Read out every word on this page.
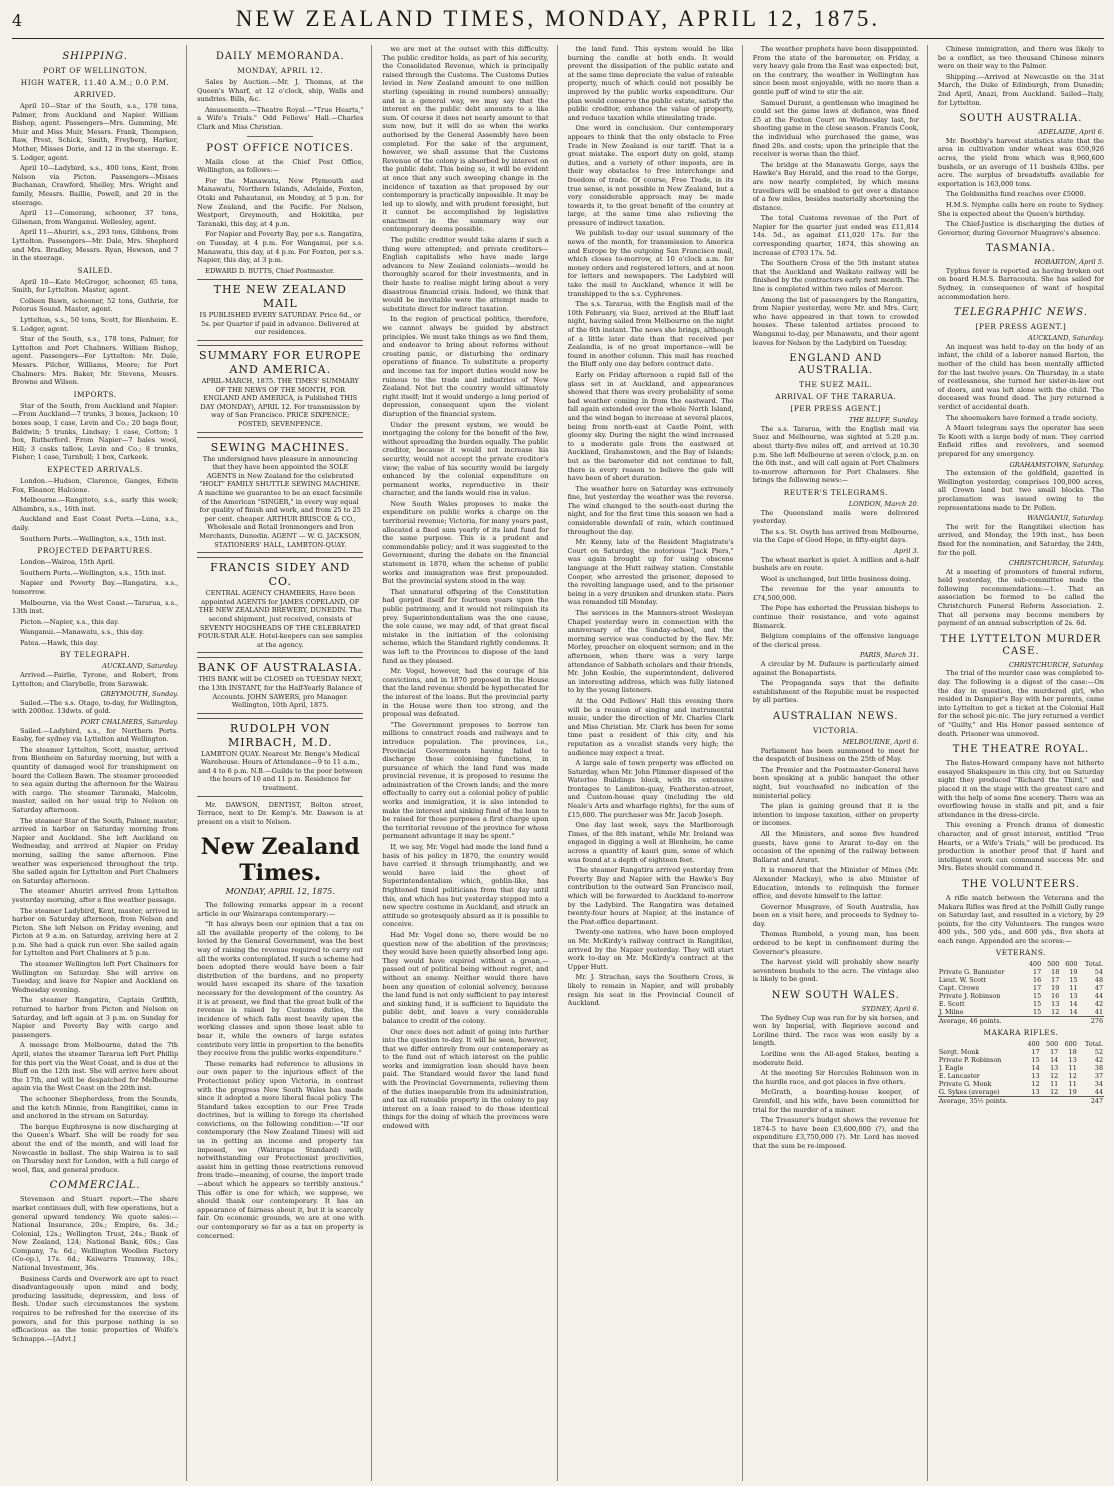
4	NEW ZEALAND TIMES, MONDAY, APRIL 12, 1875.
SHIPPING.
PORT OF WELLINGTON.
HIGH WATER, 11.40 A.M.; 0.0 P.M.
ARRIVED.

April 10—Star of the South, s.s., 178 tons, Palmer, from Auckland and Napier. William Bishop, agent. Passengers—Mrs. Gumming, Mr. Muir and Miss Muir, Messrs. Frank, Thompson, Raw, Prest, Schick, Smith, Freyberg, Harker, Mother, Misses Dorie, and 12 in the steerage. E. S. Lodger, agent.

April 10—Ladybird, s.s., 400 tons, Kent, from Nelson via Picton. Passengers—Misses Buchanan, Crawford, Shelley, Mrs. Wright and family, Messrs. Baillie, Powell, and 20 in the steerage.

April 11—Comerang, schooner, 37 tons, Gilsenan, from Wanganui. Wellesley, agent.

April 11—Ahuriri, s.s., 293 tons, Gibbons, from Lyttelton. Passengers—Mr. Dale, Mrs. Shepherd and Mrs. Bradley, Messrs. Ryan, Hewson, and 7 in the steerage.

SAILED.

April 10—Kate McGregor, schooner, 65 tons, Smith, for Lyttelton. Master, agent.

Colleen Bawn, schooner, 52 tons, Guthrie, for Pelorus Sound. Master, agent.

Lyttelton, s.s., 50 tons, Scott, for Blenheim. E. S. Lodger, agent.

Star of the South, s.s., 178 tons, Palmer, for Lyttelton and Port Chalmers. William Bishop, agent. Passengers—For Lyttelton: Mr. Dale, Messrs. Pilcher, Williams, Moore; for Port Chalmers: Mrs. Baker, Mr. Stevens, Messrs. Browne and Wilson.

IMPORTS.

Star of the South, from Auckland and Napier:—From Auckland—7 trunks, 3 boxes, Jackson; 10 boxes soap, 1 case, Levin and Co.; 20 bags flour, Baldwin; 5 trunks, Lindsay; 1 case, Cotton; 1 box, Rutherford. From Napier—7 bales wool, Hill; 3 casks tallow, Levin and Co.; 8 trunks, Fisher; 1 case, Turnbull; 1 box, Carkeek.

EXPECTED ARRIVALS.

London.—Hudson, Clarence, Ganges, Edwin Fox, Eleanor, Halcione.

Melbourne.—Rangitoto, s.s., early this week; Alhambra, s.s., 16th inst.

Auckland and East Coast Ports.—Luna, s.s., daily.

Southern Ports.—Wellington, s.s., 15th inst.

PROJECTED DEPARTURES.

London—Wairoa, 15th April.

Southern Ports.—Wellington, s.s., 15th inst.

Napier and Poverty Bay.—Rangatira, s.s., tomorrow.

Melbourne, via the West Coast.—Tararua, s.s., 13th inst.

Picton.—Napier, s.s., this day.

Wanganui.—Manawatu, s.s., this day.

Patea.—Hawk, this day.

BY TELEGRAPH.
AUCKLAND, Saturday.

Arrived.—Fairlie, Tyrone, and Robert, from Lyttelton; and Clarybelle, from Sarawak.

GREYMOUTH, Sunday.

Sailed.—The s.s. Otago, to-day, for Wellington, with 2000oz. 13dwts. of gold.

PORT CHALMERS, Saturday.

Sailed.—Ladybird, s.s., for Northern Ports. Easby, for sydney via Lyttelton and Wellington.

The steamer Lyttelton, Scott, master, arrived from Blenheim on Saturday morning, but with a quantity of damaged wool for transhipment on board the Colleen Bawn. The steamer proceeded to sea again during the afternoon for the Wairau with cargo. The steamer Taranaki, Malcolm, master, sailed on her usual trip to Nelson on Saturday afternoon.

The steamer Star of the South, Palmer, master, arrived in harbor on Saturday morning from Napier and Auckland. She left Auckland on Wednesday, and arrived at Napier on Friday morning, sailing the same afternoon. Fine weather was experienced throughout the trip. She sailed again for Lyttelton and Port Chalmers on Saturday afternoon.

The steamer Ahuriri arrived from Lyttelton yesterday morning, after a fine weather passage.

The steamer Ladybird, Kent, master, arrived in harbor on Saturday afternoon, from Nelson and Picton. She left Nelson on Friday evening, and Picton at 9 a.m. on Saturday, arriving here at 2 p.m. She had a quick run over. She sailed again for Lyttelton and Port Chalmers at 5 p.m.

The steamer Wellington left Port Chalmers for Wellington on Saturday. She will arrive on Tuesday, and leave for Napier and Auckland on Wednesday evening.

The steamer Rangatira, Captain Griffith, returned to harbor from Picton and Nelson on Saturday, and left again at 3 p.m. on Sunday for Napier and Poverty Bay with cargo and passengers.

A message from Melbourne, dated the 7th April, states the steamer Tararua left Port Phillip for this port via the West Coast, and is due at the Bluff on the 12th inst. She will arrive here about the 17th, and will be despatched for Melbourne again via the West Coast on the 20th inst.

The schooner Shepherdess, from the Sounds, and the ketch Minnie, from Rangitikei, came in and anchored in the stream on Saturday.

The barque Euphrosyne is now discharging at the Queen's Wharf. She will be ready for sea about the end of the month, and will load for Newcastle in ballast. The ship Wairoa is to sail on Thursday next for London, with a full cargo of wool, flax, and general produce.

COMMERCIAL.

Stevenson and Stuart report:—The share market continues dull, with few operations, but a general upward tendency. We quote sales:—National Insurance, 20s.; Empire, 6s. 3d.; Colonial, 12s.; Wellington Trust, 24s.; Bank of New Zealand, 124; National Bank, 60s.; Gas Company, 7s. 6d.; Wellington Woollen Factory (Co-op.), 17s. 6d.; Kaiwarra Tramway, 10s.; National Investment, 36s.

Business Cards and Overwork are apt to react disadvantageously upon mind and body, producing lassitude, depression, and loss of flesh. Under such circumstances the system requires to be refreshed for the exercise of its powers, and for this purpose nothing is so efficacious as the tonic properties of Wolfe's Schnapps.—[Advt.]

DAILY MEMORANDA.
MONDAY, APRIL 12.

Sales by Auction.—Mr. J. Thomas, at the Queen's Wharf, at 12 o'clock, ship, Walls and sundries. Bills, &c.

Amusements.—Theatre Royal.—"True Hearts," a Wife's Trials." Odd Fellows' Hall.—Charles Clark and Miss Christian.

POST OFFICE NOTICES.

Mails close at the Chief Post Office, Wellington, as follows:—

For the Manawatu, New Plymouth and Manawatu, Northern Islands, Adelaide, Foxton, Otaki and Pahautanui, on Monday, at 5 p.m. for New Zealand, and the Pacific. For Nelson, Westport, Greymouth, and Hokitika, per Taranaki, this day, at 4 p.m.

For Napier and Poverty Bay, per s.s. Rangatira, on Tuesday, at 4 p.m. For Wanganui, per s.s. Manawatu, this day, at 4 p.m. For Foxton, per s.s. Napier, this day, at 3 p.m.

EDWARD D. BUTTS, Chief Postmaster.

THE NEW ZEALAND MAIL
IS PUBLISHED EVERY SATURDAY. Price 6d., or 5s. per Quarter if paid in advance. Delivered at our residences.
SUMMARY FOR EUROPE AND AMERICA.
APRIL-MARCH, 1875. THE TIMES' SUMMARY OF THE NEWS OF THE MONTH, FOR ENGLAND AND AMERICA, is Published THIS DAY (MONDAY), APRIL 12. For transmission by way of San Francisco. PRICE SIXPENCE; POSTED, SEVENPENCE.
SEWING MACHINES.
The undersigned have pleasure in announcing that they have been appointed the SOLE AGENTS in New Zealand for the celebrated "HOLT" FAMILY SHUTTLE SEWING MACHINE. A machine we guarantee to be an exact facsimile of the American "SINGER," in every way equal for quality of finish and work, and from 25 to 25 per cent. cheaper. ARTHUR BRISCOE & CO., Wholesale and Retail Ironmongers and Iron Merchants, Dunedin. AGENT — W. G. JACKSON, STATIONERS' HALL, LAMBTON-QUAY.
FRANCIS SIDEY AND CO.
CENTRAL AGENCY CHAMBERS, Have been appointed AGENTS for JAMES COPELAND, OF THE NEW ZEALAND BREWERY, DUNEDIN. The second shipment, just received, consists of SEVENTY HOGSHEADS OF THE CELEBRATED FOUR-STAR ALE. Hotel-keepers can see samples at the agency.
BANK OF AUSTRALASIA.
THIS BANK will be CLOSED on TUESDAY NEXT, the 13th INSTANT, for the Half-Yearly Balance of Accounts. JOHN SAWERS, pro Manager. Wellington, 10th April, 1875.
RUDOLPH VON MIRBACH, M.D.
LAMBTON QUAY. Nearest Mr. Benge's Medical Warehouse. Hours of Attendance—9 to 11 a.m., and 4 to 6 p.m. N.B.—Guilds to the poor between the hours of 10 and 11 p.m. Residence for treatment.

Mr. DAWSON, DENTIST, Bolton street, Terrace, next to Dr. Kemp's. Mr. Dawson is at present on a visit to Nelson.

New Zealand Times.
MONDAY, APRIL 12, 1875.

The following remarks appear in a recent article in our Wairarapa contemporary:—

"It has always been our opinion that a tax on all the available property of the colony, to be levied by the General Government, was the best way of raising the revenue required to carry out all the works contemplated. If such a scheme had been adopted there would have been a fair distribution of the burdens, and no property would have escaped its share of the taxation necessary for the development of the country. As it is at present, we find that the great bulk of the revenue is raised by Customs duties, the incidence of which falls most heavily upon the working classes and upon those least able to bear it, while the owners of large estates contribute very little in proportion to the benefits they receive from the public works expenditure."

These remarks had reference to allusions in our own paper to the injurious effect of the Protectionist policy upon Victoria, in contrast with the progress New South Wales has made since it adopted a more liberal fiscal policy. The Standard takes exception to our Free Trade doctrines, but is willing to forego its cherished convictions, on the following condition:—"If our contemporary (the New Zealand Times) will aid us in getting an income and property tax imposed, we (Wairarapa Standard) will, notwithstanding our Protectionist proclivities, assist him in getting those restrictions removed from trade—meaning, of course, the import trade—about which he appears so terribly anxious." This offer is one for which, we suppose, we should thank our contemporary. It has an appearance of fairness about it, but it is scarcely fair. On economic grounds, we are at one with our contemporary so far as a tax on property is concerned.

we are met at the outset with this difficulty. The public creditor holds, as part of his security, the Consolidated Revenue, which is principally raised through the Customs. The Customs Duties levied in New Zealand amount to one million sterling (speaking in round numbers) annually; and in a general way, we may say that the interest on the public debt amounts to a like sum. Of course it does not nearly amount to that sum now, but it will do so when the works authorised by the General Assembly have been completed. For the sake of the argument, however, we shall assume that the Customs Revenue of the colony is absorbed by interest on the public debt. This being so, it will be evident at once that any such sweeping change in the incidence of taxation as that proposed by our contemporary is practically impossible. It may be led up to slowly, and with prudent foresight, but it cannot be accomplished by legislative enactment in the summary way our contemporary deems possible.

The public creditor would take alarm if such a thing were attempted; and private creditors—English capitalists who have made large advances to New Zealand colonists—would be thoroughly scared for their investments, and in their haste to realise might bring about a very disastrous financial crisis. Indeed, we think that would be inevitable were the attempt made to substitute direct for indirect taxation.

In the region of practical politics, therefore, we cannot always be guided by abstract principles. We must take things as we find them, and endeavor to bring about reforms without creating panic, or disturbing the ordinary operations of finance. To substitute a property and income tax for import duties would now be ruinous to the trade and industries of New Zealand. Not but the country would ultimately right itself; but it would undergo a long period of depression, consequent upon the violent disruption of the financial system.

Under the present system, we would be mortgaging the colony for the benefit of the few, without spreading the burden equally. The public creditor, because it would not increase his security, would not accept the private creditor's view; the value of his security would be largely enhanced by the colonial expenditure on permanent works, reproductive in their character, and the lands would rise in value.

New South Wales proposes to make the expenditure on public works a charge on the territorial revenue; Victoria, for many years past, allocated a fixed sum yearly of its land fund for the same purpose. This is a prudent and commendable policy; and it was suggested to the Government, during the debate on the financial statement in 1870, when the scheme of public works and immigration was first propounded. But the provincial system stood in the way.

That unnatural offspring of the Constitution had gorged itself for fourteen years upon the public patrimony, and it would not relinquish its prey. Superintendentalism was the one cause, the sole cause, we may add, of that great fiscal mistake in the initiation of the colonising scheme, which the Standard rightly condemns. It was left to the Provinces to dispose of the land fund as they pleased.

Mr. Vogel, however, had the courage of his convictions, and in 1870 proposed in the House that the land revenue should be hypothecated for the interest of the loans. But the provincial party in the House were then too strong, and the proposal was defeated.

"The Government proposes to borrow ten millions to construct roads and railways and to introduce population. The provinces, i.e., Provincial Governments having failed to discharge those colonising functions, in pursuance of which the land fund was made provincial revenue, it is proposed to resume the administration of the Crown lands; and the more effectually to carry out a colonial policy of public works and immigration, it is also intended to make the interest and sinking fund of the loan to be raised for those purposes a first charge upon the territorial revenue of the province for whose permanent advantage it may be spent."

If, we say, Mr. Vogel had made the land fund a basis of his policy in 1870, the country would have carried it through triumphantly, and we would have laid the ghost of Superintendentalism which, goblin-like, has frightened timid politicians from that day until this, and which has but yesterday stepped into a new spectre costume in Auckland, and struck an attitude so grotesquely absurd as it is possible to conceive.

Had Mr. Vogel done so, there would be no question now of the abolition of the provinces; they would have been quietly absorbed long ago. They would have expired without a groan,—passed out of political being without regret, and without an enemy. Neither would there have been any question of colonial solvency, because the land fund is not only sufficient to pay interest and sinking fund, it is sufficient to liquidate the public debt, and leave a very considerable balance to credit of the colony.

Our once does not admit of going into further into the question to-day. It will be seen, however, that we differ entirely from our contemporary as to the fund out of which interest on the public works and immigration loan should have been paid. The Standard would favor the land fund with the Provincial Governments, relieving them of the duties inseparable from its administration, and tax all rateable property in the colony to pay interest on a loan raised to do those identical things for the doing of which the provinces were endowed with

the land fund. This system would be like burning the candle at both ends. It would prevent the dissipation of the public estate and at the same time depreciate the value of rateable property, much of which could not possibly be improved by the public works expenditure. Our plan would conserve the public estate, satisfy the public creditor, enhance the value of property, and reduce taxation while stimulating trade.

One word in conclusion. Our contemporary appears to think that the only obstacle to Free Trade in New Zealand is our tariff. That is a great mistake. The export duty on gold, stamp duties, and a variety of other imposts, are in their way obstacles to free interchange and freedom of trade. Of course, Free Trade, in its true sense, is not possible in New Zealand, but a very considerable approach may be made towards it, to the great benefit of the country at large, at the same time also relieving the pressure of indirect taxation.

We publish to-day our usual summary of the news of the month, for transmission to America and Europe by the outgoing San Francisco mail, which closes to-morrow, at 10 o'clock a.m. for money orders and registered letters, and at noon for letters and newspapers. The Ladybird will take the mail to Auckland, whence it will be transhipped to the s.s. Cyphrenes.

The s.s. Tararua, with the English mail of the 10th February, via Suez, arrived at the Bluff last night, having sailed from Melbourne on the night of the 6th instant. The news she brings, although of a little later date than that received per Zealandia, is of no great importance—will be found in another column. This mail has reached the Bluff only one day before contract date.

Early on Friday afternoon a rapid fall of the glass set in at Auckland, and appearances showed that there was every probability of some bad weather coming in from the eastward. The fall again extended over the whole North Island, and the wind began to increase at several places, being from north-east at Castle Point, with gloomy sky. During the night the wind increased to a moderate gale from the eastward at Auckland, Grahamstown, and the Bay of Islands; but as the barometer did not continue to fall, there is every reason to believe the gale will have been of short duration.

The weather here on Saturday was extremely fine, but yesterday the weather was the reverse. The wind changed to the south-east during the night, and for the first time this season we had a considerable downfall of rain, which continued throughout the day.

Mr. Kenny, late of the Resident Magistrate's Court on Saturday, the notorious "Jack Piers," was again brought up for using obscene language at the Hutt railway station. Constable Cooper, who arrested the prisoner, deposed to the revolting language used, and to the prisoner being in a very drunken and drunken state. Piers was remanded till Monday.

The services in the Manners-street Wesleyan Chapel yesterday were in connection with the anniversary of the Sunday-school, and the morning service was conducted by the Rev. Mr. Morley, preacher on eloquent sermon; and in the afternoon, when there was a very large attendance of Sabbath scholars and their friends, Mr. John Kosbie, the superintendent, delivered an interesting address, which was fully listened to by the young listeners.

At the Odd Fellows' Hall this evening there will be a reunion of singing and instrumental music, under the direction of Mr. Charles Clark and Miss Christian. Mr. Clark has been for some time past a resident of this city, and his reputation as a vocalist stands very high; the audience may expect a treat.

A large sale of town property was effected on Saturday, when Mr. John Plimmer disposed of the Waterloo Buildings block, with its extensive frontages to Lambton-quay, Featherston-street, and Custom-house quay (including the old Neale's Arts and wharfage rights), for the sum of £15,600. The purchaser was Mr. Jacob Joseph.

One day last week, says the Marlborough Times, of the 8th instant, while Mr. Ireland was engaged in digging a well at Blenheim, he came across a quantity of kauri gum, some of which was found at a depth of eighteen feet.

The steamer Rangatira arrived yesterday from Poverty Bay and Napier with the Hawke's Bay contribution to the outward San Francisco mail, which will be forwarded to Auckland to-morrow by the Ladybird. The Rangatira was detained twenty-four hours at Napier, at the instance of the Post-office department.

Twenty-one natives, who have been employed on Mr. McKirdy's railway contract in Rangitikei, arrived by the Napier yesterday. They will start work to-day on Mr. McKirdy's contract at the Upper Hutt.

Mr. J. Strachan, says the Southern Cross, is likely to remain in Napier, and will probably resign his seat in the Provincial Council of Auckland.

The weather prophets have been disappointed. From the state of the barometer, on Friday, a very heavy gale from the East was expected; but, on the contrary, the weather in Wellington has since been most enjoyable, with no more than a gentle puff of wind to stir the air.

Samuel Durant, a gentleman who imagined he could set the game laws at defiance, was fined £5 at the Foxton Court on Wednesday last, for shooting game in the close season. Francis Cook, the individual who purchased the game, was fined 20s. and costs; upon the principle that the receiver is worse than the thief.

The bridge at the Manawatu Gorge, says the Hawke's Bay Herald, and the road to the Gorge, are now nearly completed, by which means travellers will be enabled to get over a distance of a few miles, besides materially shortening the distance.

The total Customs revenue of the Port of Napier for the quarter just ended was £11,814 14s. 5d., as against £11,020 17s. for the corresponding quarter, 1874, this showing an increase of £793 17s. 5d.

The Southern Cross of the 5th instant states that the Auckland and Waikato railway will be finished by the contractors early next month. The line is completed within two miles of Mercer.

Among the list of passengers by the Rangatira, from Napier yesterday, were Mr. and Mrs. Carr, who have appeared in that town to crowded houses. These talented artistes proceed to Wanganui to-day, per Manawatu, and their agent leaves for Nelson by the Ladybird on Tuesday.

ENGLAND AND AUSTRALIA.
THE SUEZ MAIL.
ARRIVAL OF THE TARARUA.
[PER PRESS AGENT.]
THE BLUFF, Sunday.

The s.s. Tararua, with the English mail via Suez and Melbourne, was sighted at 5.20 p.m. about thirty-five miles off, and arrived at 10.30 p.m. She left Melbourne at seven o'clock, p.m. on the 6th inst., and will call again at Port Chalmers to-morrow afternoon for Port Chalmers. She brings the following news:—

REUTER'S TELEGRAMS.
LONDON, March 20.

The Queensland mails were delivered yesterday.

The s.s. St. Osyth has arrived from Melbourne, via the Cape of Good Hope, in fifty-eight days.

April 3.

The wheat market is quiet. A million and a-half bushels are en route.

Wool is unchanged, but little business doing.

The revenue for the year amounts to £74,500,000.

The Pope has exhorted the Prussian bishops to continue their resistance, and vote against Bismarck.

Belgium complains of the offensive language of the clerical press.

PARIS, March 31.

A circular by M. Dufaure is particularly aimed against the Bonapartists.

The Propaganda says that the definite establishment of the Republic must be respected by all parties.

AUSTRALIAN NEWS.
VICTORIA.
MELBOURNE, April 6.

Parliament has been summoned to meet for the despatch of business on the 25th of May.

The Premier and the Postmaster-General have been speaking at a public banquet the other night, but vouchsafed no indication of the ministerial policy.

The plan is gaining ground that it is the intention to impose taxation, either on property or incomes.

All the Ministers, and some five hundred guests, have gone to Ararat to-day on the occasion of the opening of the railway between Ballarat and Ararat.

It is rumored that the Minister of Mines (Mr. Alexander Mackay), who is also Minister of Education, intends to relinquish the former office, and devote himself to the latter.

Governor Musgrave, of South Australia, has been on a visit here, and proceeds to Sydney to-day.

Thomas Rumbold, a young man, has been ordered to be kept in confinement during the Governor's pleasure.

The harvest yield will probably show nearly seventeen bushels to the acre. The vintage also is likely to be good.

NEW SOUTH WALES.
SYDNEY, April 6.

The Sydney Cup was run for by six horses, and won by Imperial, with Reprieve second and Loriline third. The race was won easily by a length.

Loriline won the All-aged Stakes, beating a moderate field.

At the meeting Sir Hercules Robinson won in the hurdle race, and got places in five others.

McGrath, a boarding-house keeper, of Grenfell, and his wife, have been committed for trial for the murder of a miner.

The Treasurer's budget shows the revenue for 1874-5 to have been £3,600,000 (?), and the expenditure £3,750,000 (?). Mr. Lord has moved that the sum be re-imposed.

Chinese immigration, and there was likely to be a conflict, as two thousand Chinese miners were on their way to the Palmer.

Shipping.—Arrived at Newcastle on the 31st March, the Duke of Edinburgh, from Dunedin; 2nd April, Anazi, from Auckland. Sailed—Italy, for Lyttelton.

SOUTH AUSTRALIA.
ADELAIDE, April 6.

Mr. Boothby's harvest statistics state that the area in cultivation under wheat was 659,926 acres, the yield from which was 8,960,600 bushels, or an average of 11 bushels 43lbs. per acre. The surplus of breadstuffs available for exportation is 163,000 tons.

The Goldsmiths fund reaches over £5000.

H.M.S. Nymphe calls here en route to Sydney. She is expected about the Queen's birthday.

The Chief-Justice is discharging the duties of Governor, during Governor Musgrave's absence.

TASMANIA.
HOBARTON, April 5.

Typhus fever is reported as having broken out on board H.M.S. Barracouta. She has sailed for Sydney, in consequence of want of hospital accommodation here.

TELEGRAPHIC NEWS.
[PER PRESS AGENT.]
AUCKLAND, Saturday.

An inquest was held to-day on the body of an infant, the child of a laborer named Barton, the mother of the child has been mentally afflicted for the last twelve years. On Thursday, in a state of restlessness, she turned her sister-in-law out of doors, and was left alone with the child. The deceased was found dead. The jury returned a verdict of accidental death.

The shoemakers have formed a trade society.

A Maori telegram says the operator has seen Te Kooti with a large body of men. They carried Enfield rifles and revolvers, and seemed prepared for any emergency.

GRAHAMSTOWN, Saturday.

The extension of the goldfield, gazetted in Wellington yesterday, comprises 100,000 acres, all Crown land but two small blocks. The proclamation was issued owing to the representations made to Dr. Pollen.

WANGANUI, Saturday.

The writ for the Rangitikei election has arrived, and Monday, the 19th inst., has been fixed for the nomination, and Saturday, the 24th, for the poll.

CHRISTCHURCH, Saturday.

At a meeting of promoters of funeral reform, held yesterday, the sub-committee made the following recommendations:—1. That an association be formed to be called the Christchurch Funeral Reform Association. 2. That all persons may become members by payment of an annual subscription of 2s. 6d.

THE LYTTELTON MURDER CASE.
CHRISTCHURCH, Saturday.

The trial of the murder case was completed to-day. The following is a digest of the case:—On the day in question, the murdered girl, who resided in Dampier's Bay with her parents, came into Lyttelton to get a ticket at the Colonial Hall for the school pic-nic. The jury returned a verdict of "Guilty," and His Honor passed sentence of death. Prisoner was unmoved.

THE THEATRE ROYAL.

The Bates-Howard company have not hitherto essayed Shakspeare in this city, but on Saturday night they produced "Richard the Third," and placed it on the stage with the greatest care and with the help of some fine scenery. There was an overflowing house in stalls and pit, and a fair attendance in the dress-circle.

This evening a French drama of domestic character, and of great interest, entitled "True Hearts, or a Wife's Trials," will be produced. Its production is another proof that if hard and intelligent work can command success Mr. and Mrs. Bates should command it.

THE VOLUNTEERS.

A rifle match between the Veterans and the Makara Rifles was fired at the Polhill Gully range on Saturday last, and resulted in a victory, by 29 points, for the city Volunteers. The ranges were 400 yds., 500 yds., and 600 yds., five shots at each range. Appended are the scores:—

VETERANS.
	400	500	600	Total.
Private G. Bannister	17	18	19	54
Lieut. W. Scott	16	17	15	48
Capt. Crowe	17	19	11	47
Private J. Robinson	15	16	13	44
E. Scott	15	13	14	42
J. Milne	15	12	14	41
Average, 46 points.				276
MAKARA RIFLES.
	400	500	600	Total.
Sergt. Monk	17	17	18	52
Private P. Robinson	15	14	13	42
J. Eagle	14	13	11	38
E. Lancaster	13	12	12	37
Private G. Monk	12	11	11	34
G. Sykes (average)	13	12	19	44
Average, 35½ points.				247
